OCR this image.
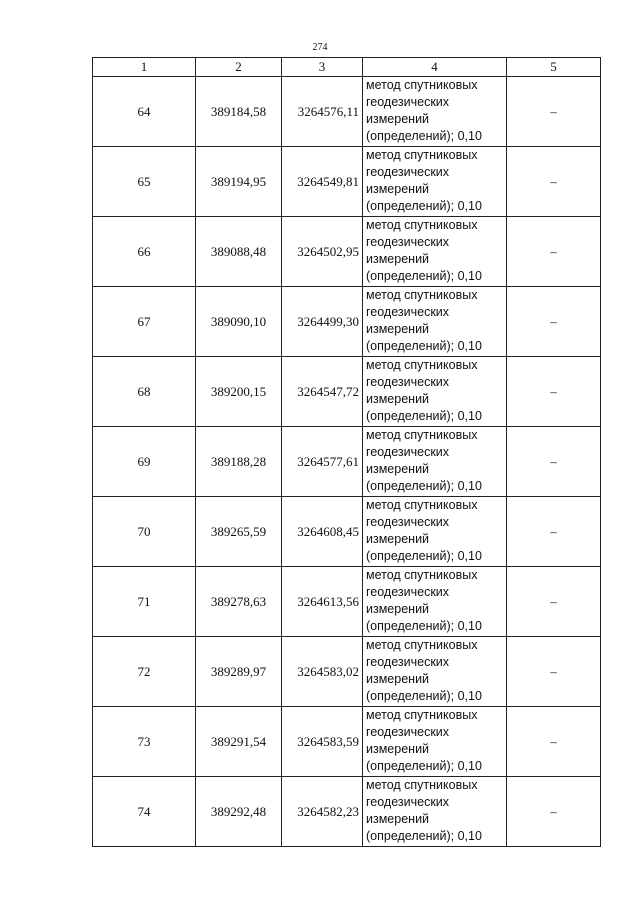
274
1	2	3	4	5
64	389184,58	3264576,11	метод спутниковых
геодезических
измерений
(определений); 0,10	–
65	389194,95	3264549,81	метод спутниковых
геодезических
измерений
(определений); 0,10	–
66	389088,48	3264502,95	метод спутниковых
геодезических
измерений
(определений); 0,10	–
67	389090,10	3264499,30	метод спутниковых
геодезических
измерений
(определений); 0,10	–
68	389200,15	3264547,72	метод спутниковых
геодезических
измерений
(определений); 0,10	–
69	389188,28	3264577,61	метод спутниковых
геодезических
измерений
(определений); 0,10	–
70	389265,59	3264608,45	метод спутниковых
геодезических
измерений
(определений); 0,10	–
71	389278,63	3264613,56	метод спутниковых
геодезических
измерений
(определений); 0,10	–
72	389289,97	3264583,02	метод спутниковых
геодезических
измерений
(определений); 0,10	–
73	389291,54	3264583,59	метод спутниковых
геодезических
измерений
(определений); 0,10	–
74	389292,48	3264582,23	метод спутниковых
геодезических
измерений
(определений); 0,10	–
